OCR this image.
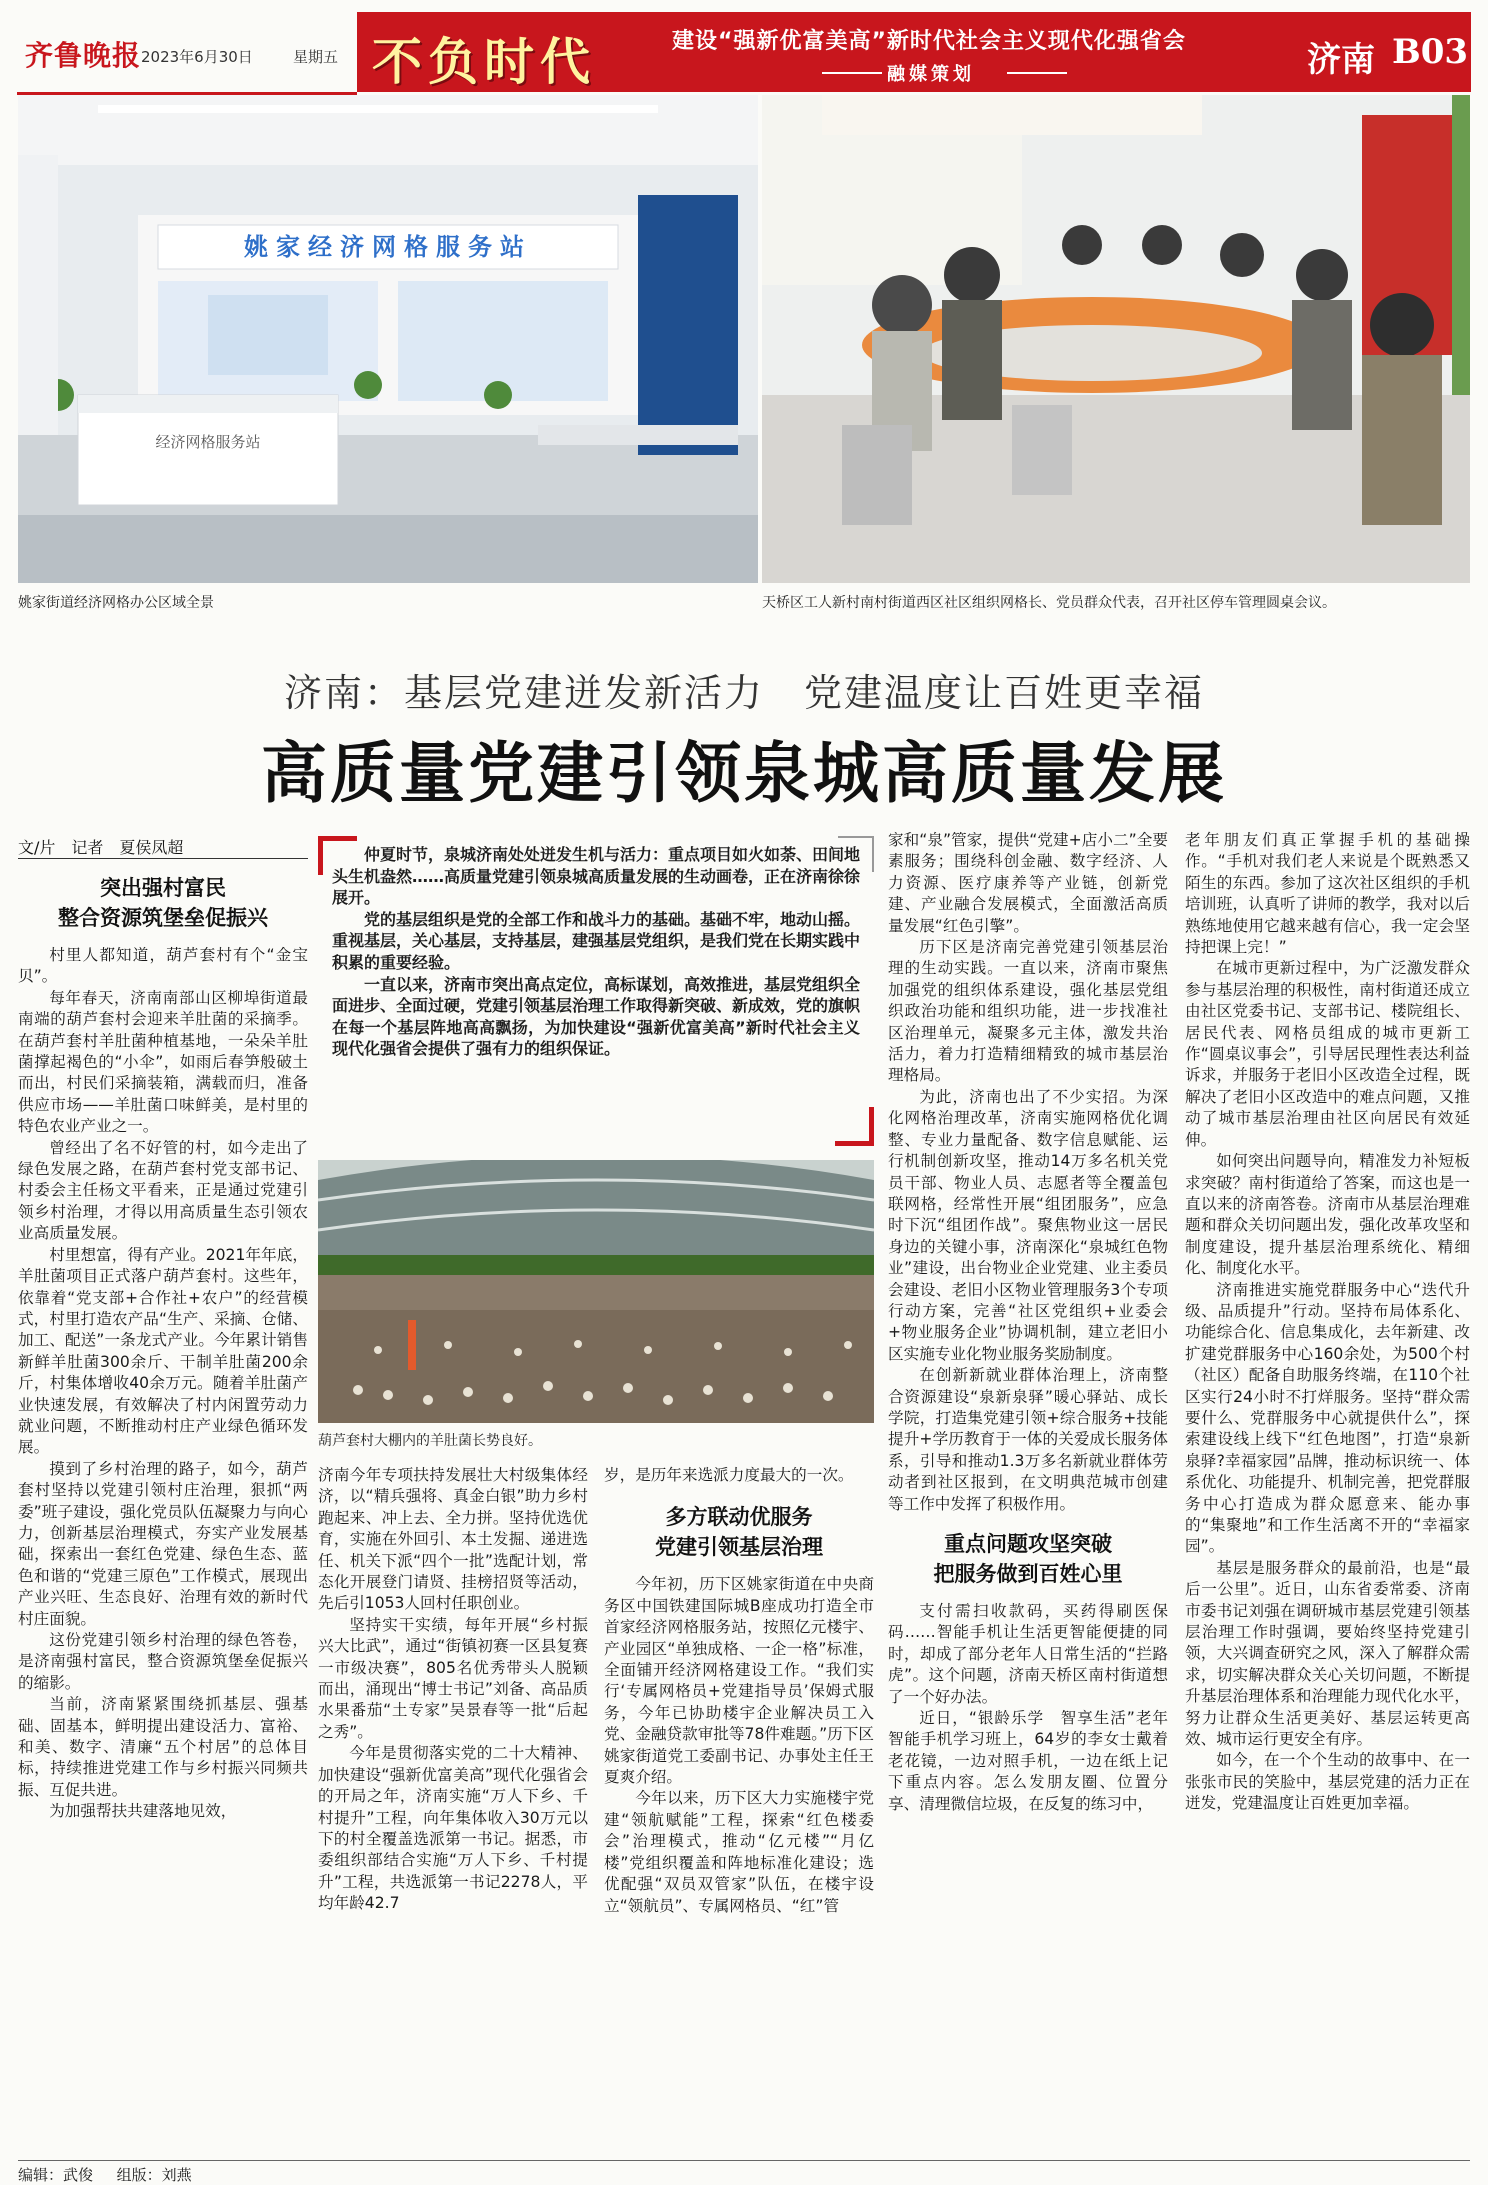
齐鲁晚报 2023年6月30日	星期五 不负时代	建设“强新优富美高”新时代社会主义现代化强省会
融媒策划	济南 B03
姚家经济网格服务站
经济网格服务站
姚家街道经济网格办公区域全景	天桥区工人新村南村街道西区社区组织网格长、党员群众代表，召开社区停车管理圆桌会议。
济南：基层党建迸发新活力　党建温度让百姓更幸福
高质量党建引领泉城高质量发展
文/片　记者　夏侯凤超	仲夏时节，泉城济南处处迸发生机与活力：重点项目如火如荼、田间地头生机盎然……高质量党建引领泉城高质量发展的生动画卷，正在济南徐徐展开。

党的基层组织是党的全部工作和战斗力的基础。基础不牢，地动山摇。重视基层，关心基层，支持基层，建强基层党组织，是我们党在长期实践中积累的重要经验。

一直以来，济南市突出高点定位，高标谋划，高效推进，基层党组织全面进步、全面过硬，党建引领基层治理工作取得新突破、新成效，党的旗帜在每一个基层阵地高高飘扬，为加快建设“强新优富美高”新时代社会主义现代化强省会提供了强有力的组织保证。

葫芦套村大棚内的羊肚菌长势良好。
突出强村富民
整合资源筑堡垒促振兴

村里人都知道，葫芦套村有个“金宝贝”。

每年春天，济南南部山区柳埠街道最南端的葫芦套村会迎来羊肚菌的采摘季。在葫芦套村羊肚菌种植基地，一朵朵羊肚菌撑起褐色的“小伞”，如雨后春笋般破土而出，村民们采摘装箱，满载而归，准备供应市场——羊肚菌口味鲜美，是村里的特色农业产业之一。

曾经出了名不好管的村，如今走出了绿色发展之路，在葫芦套村党支部书记、村委会主任杨文平看来，正是通过党建引领乡村治理，才得以用高质量生态引领农业高质量发展。

村里想富，得有产业。2021年年底，羊肚菌项目正式落户葫芦套村。这些年，依靠着“党支部+合作社+农户”的经营模式，村里打造农产品“生产、采摘、仓储、加工、配送”一条龙式产业。今年累计销售新鲜羊肚菌300余斤、干制羊肚菌200余斤，村集体增收40余万元。随着羊肚菌产业快速发展，有效解决了村内闲置劳动力就业问题，不断推动村庄产业绿色循环发展。

摸到了乡村治理的路子，如今，葫芦套村坚持以党建引领村庄治理，狠抓“两委”班子建设，强化党员队伍凝聚力与向心力，创新基层治理模式，夯实产业发展基础，探索出一套红色党建、绿色生态、蓝色和谐的“党建三原色”工作模式，展现出产业兴旺、生态良好、治理有效的新时代村庄面貌。

这份党建引领乡村治理的绿色答卷，是济南强村富民，整合资源筑堡垒促振兴的缩影。

当前，济南紧紧围绕抓基层、强基础、固基本，鲜明提出建设活力、富裕、和美、数字、清廉“五个村居”的总体目标，持续推进党建工作与乡村振兴同频共振、互促共进。

为加强帮扶共建落地见效，

济南今年专项扶持发展壮大村级集体经济，以“精兵强将、真金白银”助力乡村跑起来、冲上去、全力拼。坚持优选优育，实施在外回引、本土发掘、递进选任、机关下派“四个一批”选配计划，常态化开展登门请贤、挂榜招贤等活动，先后引1053人回村任职创业。

坚持实干实绩，每年开展“乡村振兴大比武”，通过“街镇初赛一区县复赛一市级决赛”，805名优秀带头人脱颖而出，涌现出“博士书记”刘备、高品质水果番茄“土专家”吴景春等一批“后起之秀”。

今年是贯彻落实党的二十大精神、加快建设“强新优富美高”现代化强省会的开局之年，济南实施“万人下乡、千村提升”工程，向年集体收入30万元以下的村全覆盖选派第一书记。据悉，市委组织部结合实施“万人下乡、千村提升”工程，共选派第一书记2278人，平均年龄42.7

岁，是历年来选派力度最大的一次。

多方联动优服务
党建引领基层治理

今年初，历下区姚家街道在中央商务区中国铁建国际城B座成功打造全市首家经济网格服务站，按照亿元楼宇、产业园区“单独成格、一企一格”标准，全面铺开经济网格建设工作。“我们实行‘专属网格员+党建指导员’保姆式服务，今年已协助楼宇企业解决员工入党、金融贷款审批等78件难题。”历下区姚家街道党工委副书记、办事处主任王夏爽介绍。

今年以来，历下区大力实施楼宇党建“领航赋能”工程，探索“红色楼委会”治理模式，推动“亿元楼”“月亿楼”党组织覆盖和阵地标准化建设；选优配强“双员双管家”队伍，在楼宇设立“领航员”、专属网格员、“红”管

家和“泉”管家，提供“党建+店小二”全要素服务；围绕科创金融、数字经济、人力资源、医疗康养等产业链，创新党建、产业融合发展模式，全面激活高质量发展“红色引擎”。

历下区是济南完善党建引领基层治理的生动实践。一直以来，济南市聚焦加强党的组织体系建设，强化基层党组织政治功能和组织功能，进一步找准社区治理单元，凝聚多元主体，激发共治活力，着力打造精细精致的城市基层治理格局。

为此，济南也出了不少实招。为深化网格治理改革，济南实施网格优化调整、专业力量配备、数字信息赋能、运行机制创新攻坚，推动14万多名机关党员干部、物业人员、志愿者等全覆盖包联网格，经常性开展“组团服务”，应急时下沉“组团作战”。聚焦物业这一居民身边的关键小事，济南深化“泉城红色物业”建设，出台物业企业党建、业主委员会建设、老旧小区物业管理服务3个专项行动方案，完善“社区党组织+业委会+物业服务企业”协调机制，建立老旧小区实施专业化物业服务奖励制度。

在创新新就业群体治理上，济南整合资源建设“泉新泉驿”暖心驿站、成长学院，打造集党建引领+综合服务+技能提升+学历教育于一体的关爱成长服务体系，引导和推动1.3万多名新就业群体劳动者到社区报到，在文明典范城市创建等工作中发挥了积极作用。

重点问题攻坚突破
把服务做到百姓心里

支付需扫收款码，买药得刷医保码……智能手机让生活更智能便捷的同时，却成了部分老年人日常生活的“拦路虎”。这个问题，济南天桥区南村街道想了一个好办法。

近日，“银龄乐学　智享生活”老年智能手机学习班上，64岁的李女士戴着老花镜，一边对照手机，一边在纸上记下重点内容。怎么发朋友圈、位置分享、清理微信垃圾，在反复的练习中，

老年朋友们真正掌握手机的基础操作。“手机对我们老人来说是个既熟悉又陌生的东西。参加了这次社区组织的手机培训班，认真听了讲师的教学，我对以后熟练地使用它越来越有信心，我一定会坚持把课上完！”

在城市更新过程中，为广泛激发群众参与基层治理的积极性，南村街道还成立由社区党委书记、支部书记、楼院组长、居民代表、网格员组成的城市更新工作“圆桌议事会”，引导居民理性表达利益诉求，并服务于老旧小区改造全过程，既解决了老旧小区改造中的难点问题，又推动了城市基层治理由社区向居民有效延伸。

如何突出问题导向，精准发力补短板求突破？南村街道给了答案，而这也是一直以来的济南答卷。济南市从基层治理难题和群众关切问题出发，强化改革攻坚和制度建设，提升基层治理系统化、精细化、制度化水平。

济南推进实施党群服务中心“迭代升级、品质提升”行动。坚持布局体系化、功能综合化、信息集成化，去年新建、改扩建党群服务中心160余处，为500个村（社区）配备自助服务终端，在110个社区实行24小时不打烊服务。坚持“群众需要什么、党群服务中心就提供什么”，探索建设线上线下“红色地图”，打造“泉新泉驿?幸福家园”品牌，推动标识统一、体系优化、功能提升、机制完善，把党群服务中心打造成为群众愿意来、能办事的“集聚地”和工作生活离不开的“幸福家园”。

基层是服务群众的最前沿，也是“最后一公里”。近日，山东省委常委、济南市委书记刘强在调研城市基层党建引领基层治理工作时强调，要始终坚持党建引领，大兴调查研究之风，深入了解群众需求，切实解决群众关心关切问题，不断提升基层治理体系和治理能力现代化水平，努力让群众生活更美好、基层运转更高效、城市运行更安全有序。

如今，在一个个生动的故事中、在一张张市民的笑脸中，基层党建的活力正在迸发，党建温度让百姓更加幸福。

编辑：武俊 组版：刘燕
